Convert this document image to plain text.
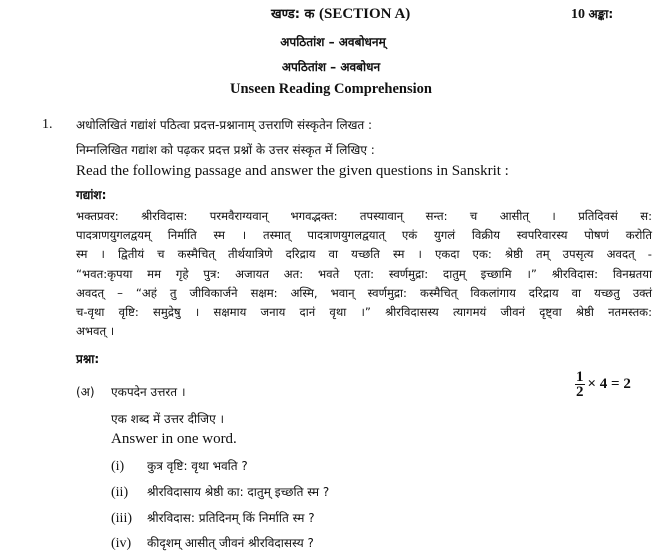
खण्ड: क (SECTION A)	10 अङ्का:
अपठितांश – अवबोधनम्
अपठितांश – अवबोधन
Unseen Reading Comprehension
1. अधोलिखितं गद्यांशं पठित्वा प्रदत्त-प्रश्नानाम् उत्तराणि संस्कृतेन लिखत :
निम्नलिखित गद्यांश को पढ़कर प्रदत्त प्रश्नों के उत्तर संस्कृत में लिखिए :
Read the following passage and answer the given questions in Sanskrit :
गद्यांश:
भक्तप्रवर: श्रीरविदास: परमवैराग्यवान् भगवद्भक्त: तपस्यावान् सन्त: च आसीत् । प्रतिदिवसं स:
पादत्राणयुगलद्वयम् निर्माति स्म । तस्मात् पादत्राणयुगलद्वयात् एकं युगलं विक्रीय स्वपरिवारस्य पोषणं करोति
स्म । द्वितीयं च कस्मैचित् तीर्थयात्रिणे दरिद्राय वा यच्छति स्म । एकदा एक: श्रेष्ठी तम् उपसृत्य अवदत् -
“भवत:कृपया मम गृहे पुत्र: अजायत अत: भवते एता: स्वर्णमुद्रा: दातुम् इच्छामि ।” श्रीरविदास: विनम्रतया
अवदत् – “अहं तु जीविकार्जने सक्षम: अस्मि, भवान् स्वर्णमुद्रा: कस्मैचित् विकलांगाय दरिद्राय वा यच्छतु उक्तं
च-वृथा वृष्टि: समुद्रेषु । सक्षमाय जनाय दानं वृथा ।” श्रीरविदासस्य त्यागमयं जीवनं दृष्ट्वा श्रेष्ठी नतमस्तक:
अभवत् ।
प्रश्ना:
(अ) एकपदेन उत्तरत ।	$\frac{1}{2} \times 4 = 2$
एक शब्द में उत्तर दीजिए ।
Answer in one word.
(i)	कुत्र वृष्टि: वृथा भवति ?
(ii)	श्रीरविदासाय श्रेष्ठी का: दातुम् इच्छति स्म ?
(iii)	श्रीरविदास: प्रतिदिनम् किं निर्माति स्म ?
(iv)	कीदृशम् आसीत् जीवनं श्रीरविदासस्य ?
